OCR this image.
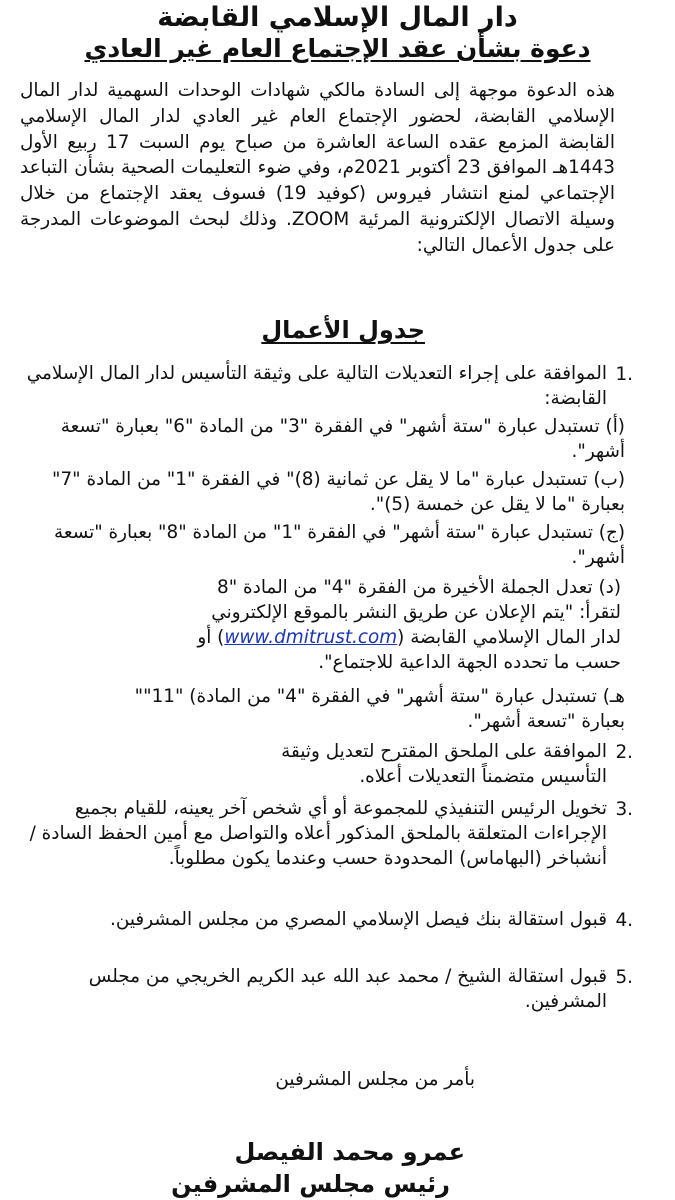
دار المال الإسلامي القابضة
دعوة بشأن عقد الإجتماع العام غير العادي
هذه الدعوة موجهة إلى السادة مالكي شهادات الوحدات السهمية لدار المال الإسلامي القابضة، لحضور الإجتماع العام غير العادي لدار المال الإسلامي القابضة المزمع عقده الساعة العاشرة من صباح يوم السبت 17 ربيع الأول 1443هـ الموافق 23 أكتوبر 2021م، وفي ضوء التعليمات الصحية بشأن التباعد الإجتماعي لمنع انتشار فيروس (كوفيد 19) فسوف يعقد الإجتماع من خلال وسيلة الاتصال الإلكترونية المرئية ZOOM. وذلك لبحث الموضوعات المدرجة على جدول الأعمال التالي:
جدول الأعمال
1.
الموافقة على إجراء التعديلات التالية على وثيقة التأسيس لدار المال الإسلامي القابضة:
(أ) تستبدل عبارة "ستة أشهر" في الفقرة "3" من المادة "6" بعبارة "تسعة أشهر".
(ب) تستبدل عبارة "ما لا يقل عن ثمانية (8)" في الفقرة "1" من المادة "7" بعبارة "ما لا يقل عن خمسة (5)".
(ج) تستبدل عبارة "ستة أشهر" في الفقرة "1" من المادة "8" بعبارة "تسعة أشهر".
(د) تعدل الجملة الأخيرة من الفقرة "4" من المادة "8
لتقرأ: "يتم الإعلان عن طريق النشر بالموقع الإلكتروني
لدار المال الإسلامي القابضة (www.dmitrust.com) أو
حسب ما تحدده الجهة الداعية للاجتماع".
هـ) تستبدل عبارة "ستة أشهر" في الفقرة "4" من المادة) "11"" بعبارة "تسعة أشهر".
2.
الموافقة على الملحق المقترح لتعديل وثيقة التأسيس متضمناً التعديلات أعلاه.
3.
تخويل الرئيس التنفيذي للمجموعة أو أي شخص آخر يعينه، للقيام بجميع الإجراءات المتعلقة بالملحق المذكور أعلاه والتواصل مع أمين الحفظ السادة / أنشباخر (البهاماس) المحدودة حسب وعندما يكون مطلوباً.
4.
قبول استقالة بنك فيصل الإسلامي المصري من مجلس المشرفين.
5.
قبول استقالة الشيخ / محمد عبد الله عبد الكريم الخريجي من مجلس المشرفين.
بأمر من مجلس المشرفين
عمرو محمد الفيصل
رئيس مجلس المشرفين
